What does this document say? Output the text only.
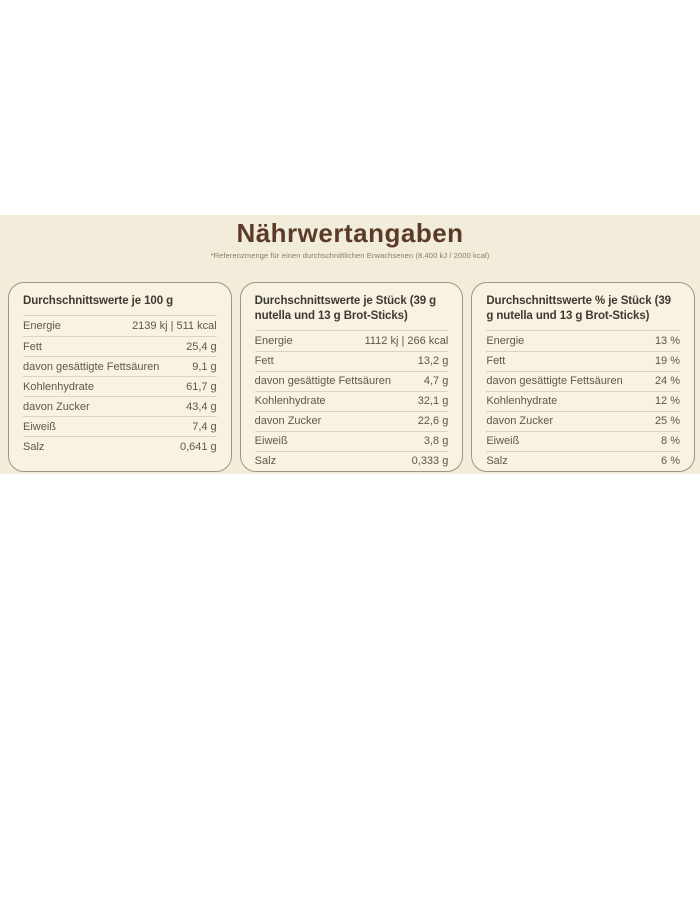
Nährwertangaben
*Referenzmenge für einen durchschnittlichen Erwachsenen (8.400 kJ / 2000 kcal)
Durchschnittswerte je 100 g
Energie	2139 kj | 511 kcal
Fett	25,4 g
davon gesättigte Fettsäuren	9,1 g
Kohlenhydrate	61,7 g
davon Zucker	43,4 g
Eiweiß	7,4 g
Salz	0,641 g
Durchschnittswerte je Stück (39 g nutella und 13 g Brot-Sticks)
Energie	1112 kj | 266 kcal
Fett	13,2 g
davon gesättigte Fettsäuren	4,7 g
Kohlenhydrate	32,1 g
davon Zucker	22,6 g
Eiweiß	3,8 g
Salz	0,333 g
Durchschnittswerte % je Stück (39 g nutella und 13 g Brot-Sticks)
Energie	13 %
Fett	19 %
davon gesättigte Fettsäuren	24 %
Kohlenhydrate	12 %
davon Zucker	25 %
Eiweiß	8 %
Salz	6 %
